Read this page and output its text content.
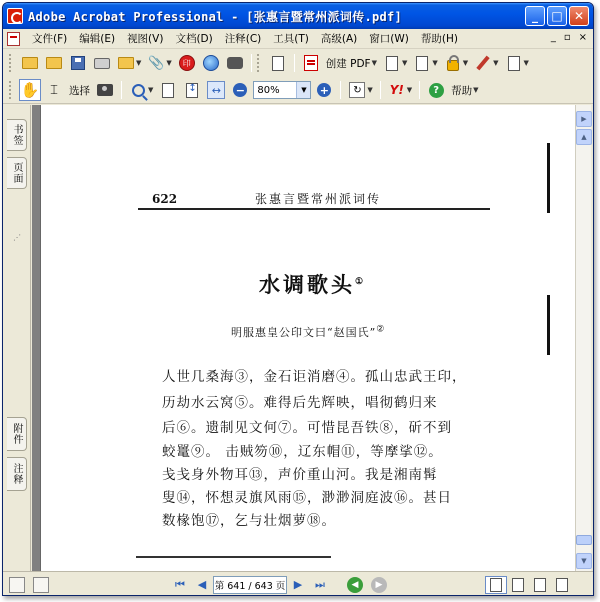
Adobe Acrobat Professional - [张惠言暨常州派词传.pdf]	_	□ ✕
文件(F)	编辑(E)	视图(V)	文档(D)	注释(C)	工具(T)	高级(A)	窗口(W)	帮助(H)	_ ▫ ×
▼ 📎 ▼	印	创建 PDF ▼	▼	▼	▼	▼	▼
✋ ⌶ 选择	▼
↕	↔	− 80%	▼	+	↻ ▼ Y! ▼	?	帮助 ▼
书签
页面
⋰
附件
注释
622	张惠言暨常州派词传
水调歌头①
明服惠皇公印文曰“赵国氏”②
人世几桑海③，金石讵消磨④。孤山忠武王印，
历劫水云窝⑤。难得后先辉映，唱彻鹤归来
后⑥。遗制见文何⑦。可惜昆吾铁⑧，斫不到
蛟鼍⑨。 击贼笏⑩，辽东帽⑪，等摩挲⑫。
戋戋身外物耳⑬，声价重山河。我是湘南髯
叟⑭，怀想灵旗风雨⑮，渺渺洞庭波⑯。甚日
数椽饱⑰，乞与壮烟萝⑱。
▶
▲
▼
⏮ ◀ 第 641 / 643 页 ▶ ⏭	◀ ▶
